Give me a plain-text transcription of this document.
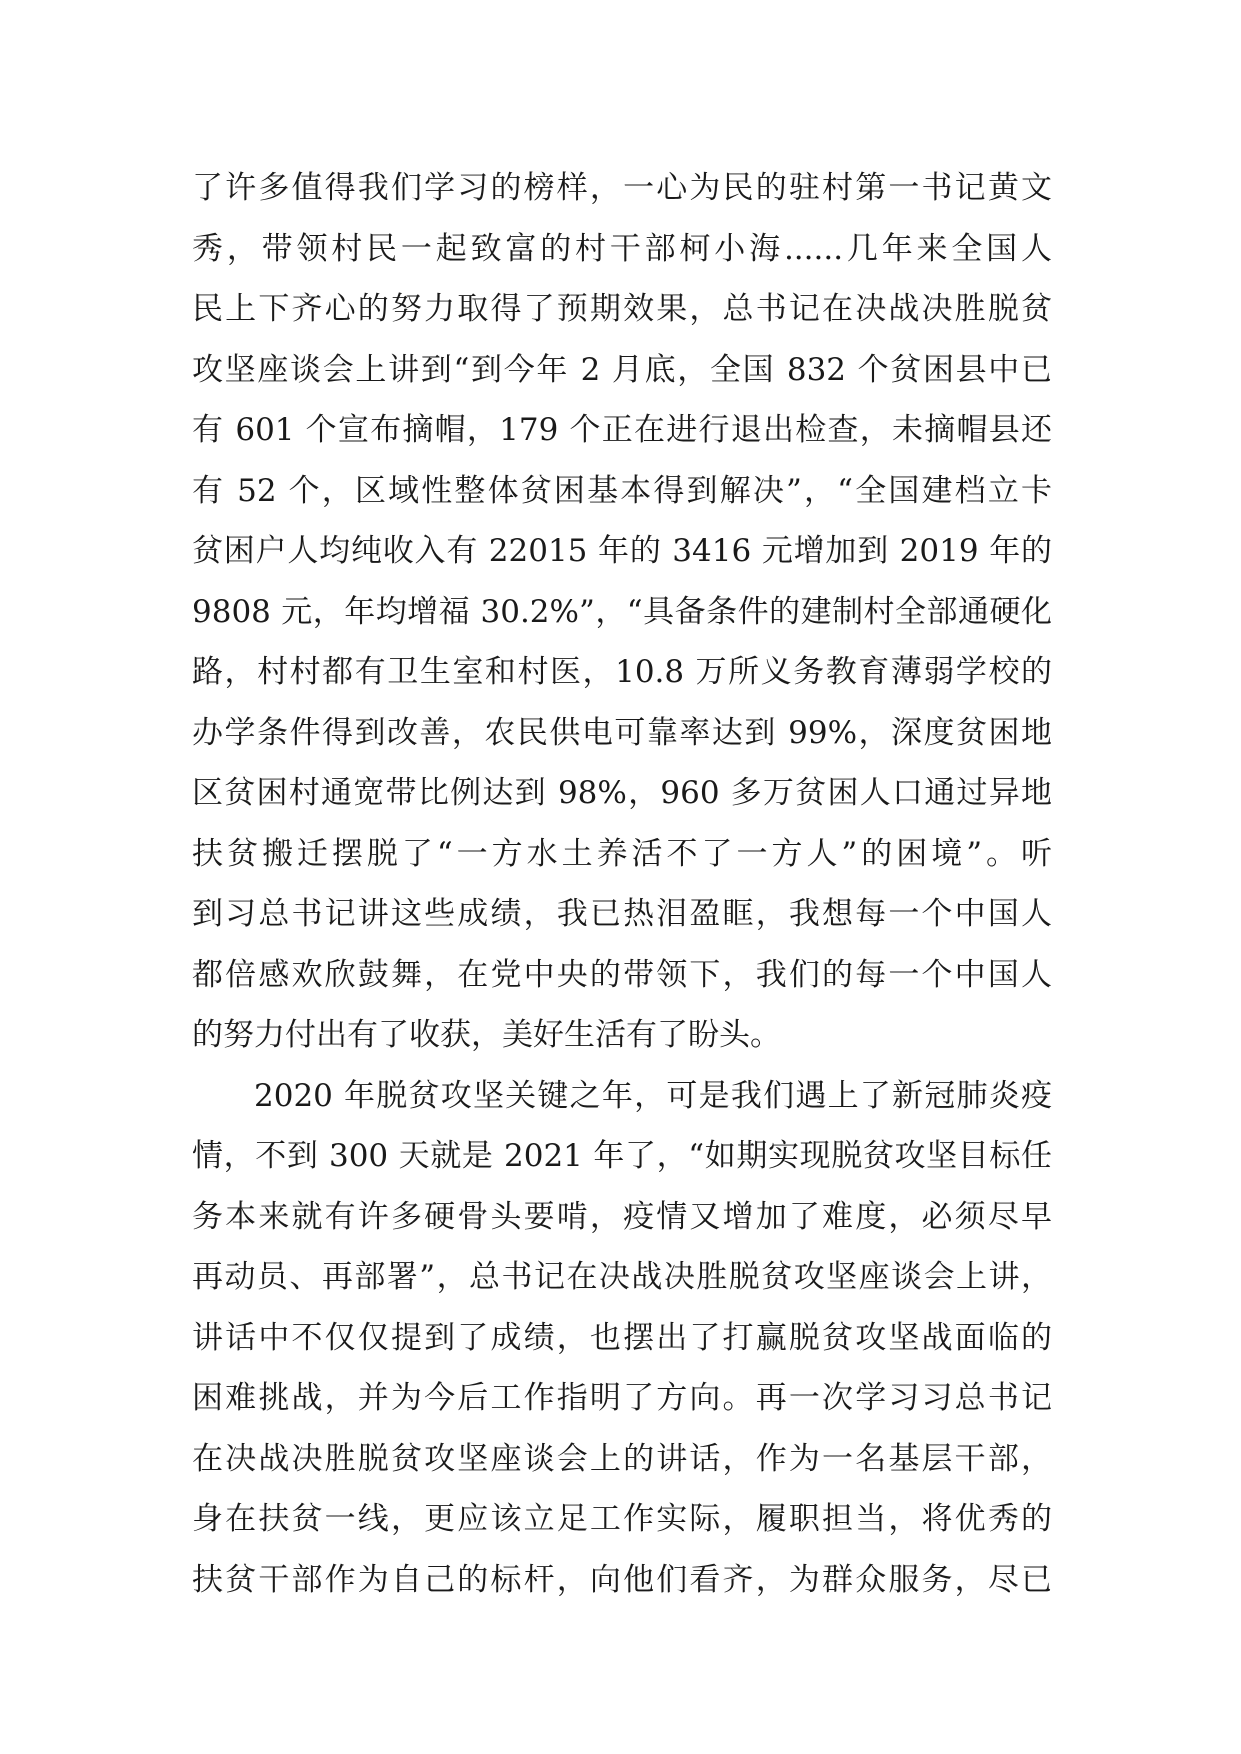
了许多值得我们学习的榜样，一心为民的驻村第一书记黄文
秀，带领村民一起致富的村干部柯小海......几年来全国人
民上下齐心的努力取得了预期效果，总书记在决战决胜脱贫
攻坚座谈会上讲到“到今年 2 月底，全国 832 个贫困县中已
有 601 个宣布摘帽，179 个正在进行退出检查，未摘帽县还
有 52 个，区域性整体贫困基本得到解决”，“全国建档立卡
贫困户人均纯收入有 22015 年的 3416 元增加到 2019 年的
9808 元，年均增福 30.2%”，“具备条件的建制村全部通硬化
路，村村都有卫生室和村医，10.8 万所义务教育薄弱学校的
办学条件得到改善，农民供电可靠率达到 99%，深度贫困地
区贫困村通宽带比例达到 98%，960 多万贫困人口通过异地
扶贫搬迁摆脱了“一方水土养活不了一方人”的困境”。听
到习总书记讲这些成绩，我已热泪盈眶，我想每一个中国人
都倍感欢欣鼓舞，在党中央的带领下，我们的每一个中国人
的努力付出有了收获，美好生活有了盼头。
2020 年脱贫攻坚关键之年，可是我们遇上了新冠肺炎疫
情，不到 300 天就是 2021 年了，“如期实现脱贫攻坚目标任
务本来就有许多硬骨头要啃，疫情又增加了难度，必须尽早
再动员、再部署”，总书记在决战决胜脱贫攻坚座谈会上讲，
讲话中不仅仅提到了成绩，也摆出了打赢脱贫攻坚战面临的
困难挑战，并为今后工作指明了方向。再一次学习习总书记
在决战决胜脱贫攻坚座谈会上的讲话，作为一名基层干部，
身在扶贫一线，更应该立足工作实际，履职担当，将优秀的
扶贫干部作为自己的标杆，向他们看齐，为群众服务，尽已
